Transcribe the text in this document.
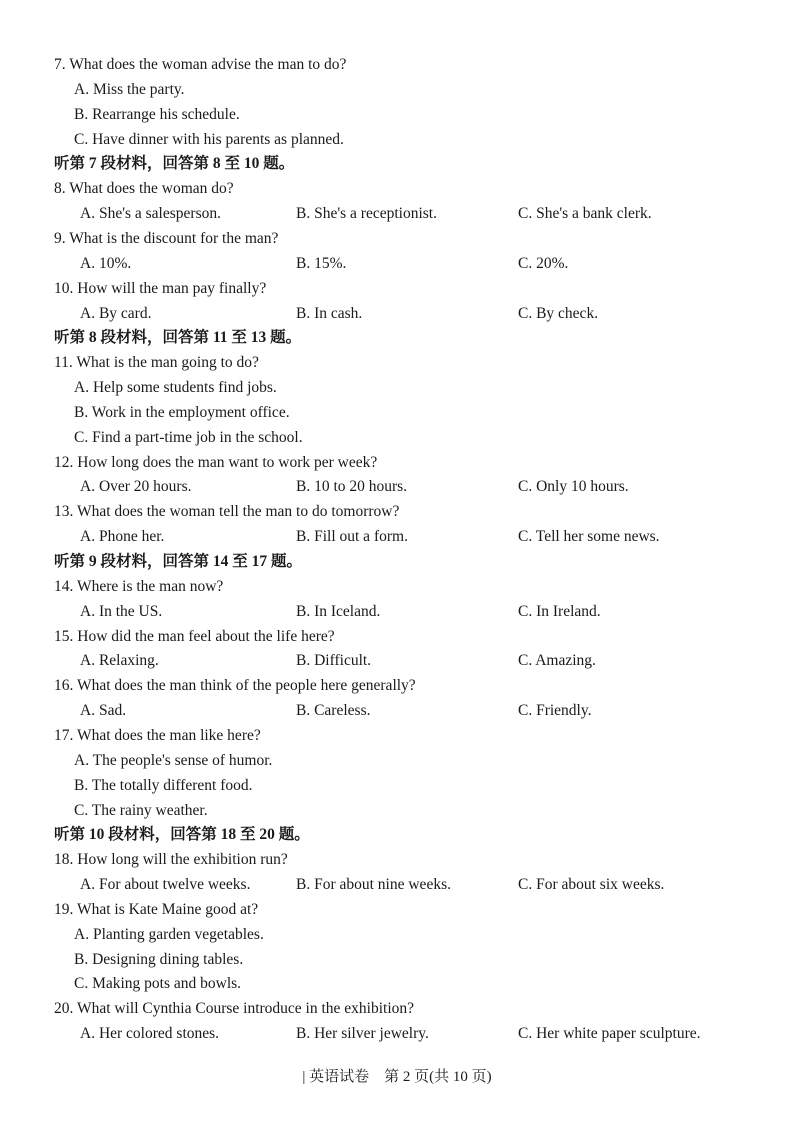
7. What does the woman advise the man to do?
A. Miss the party.
B. Rearrange his schedule.
C. Have dinner with his parents as planned.
听第 7 段材料，回答第 8 至 10 题。
8. What does the woman do?
A. She's a salesperson.	B. She's a receptionist.	C. She's a bank clerk.
9. What is the discount for the man?
A. 10%.	B. 15%.	C. 20%.
10. How will the man pay finally?
A. By card.	B. In cash.	C. By check.
听第 8 段材料，回答第 11 至 13 题。
11. What is the man going to do?
A. Help some students find jobs.
B. Work in the employment office.
C. Find a part-time job in the school.
12. How long does the man want to work per week?
A. Over 20 hours.	B. 10 to 20 hours.	C. Only 10 hours.
13. What does the woman tell the man to do tomorrow?
A. Phone her.	B. Fill out a form.	C. Tell her some news.
听第 9 段材料，回答第 14 至 17 题。
14. Where is the man now?
A. In the US.	B. In Iceland.	C. In Ireland.
15. How did the man feel about the life here?
A. Relaxing.	B. Difficult.	C. Amazing.
16. What does the man think of the people here generally?
A. Sad.	B. Careless.	C. Friendly.
17. What does the man like here?
A. The people's sense of humor.
B. The totally different food.
C. The rainy weather.
听第 10 段材料，回答第 18 至 20 题。
18. How long will the exhibition run?
A. For about twelve weeks.	B. For about nine weeks.	C. For about six weeks.
19. What is Kate Maine good at?
A. Planting garden vegetables.
B. Designing dining tables.
C. Making pots and bowls.
20. What will Cynthia Course introduce in the exhibition?
A. Her colored stones.	B. Her silver jewelry.	C. Her white paper sculpture.
| 英语试卷　第 2 页(共 10 页)
